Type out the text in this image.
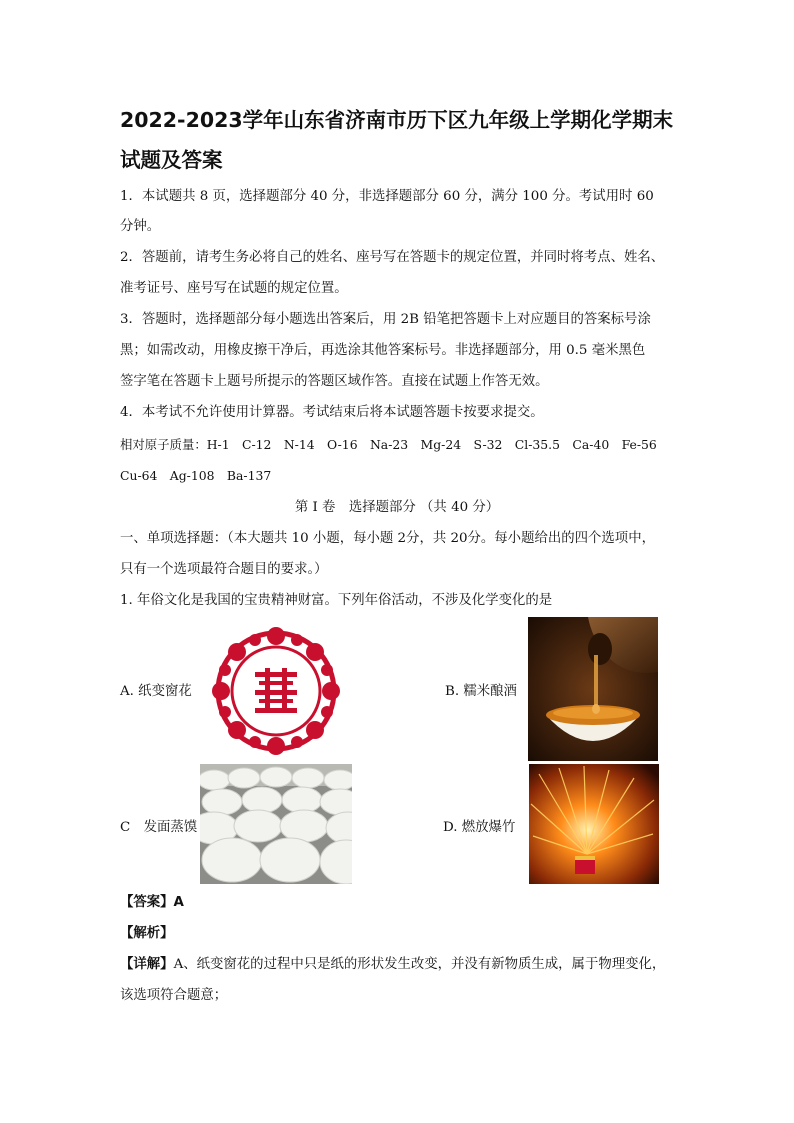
2022-2023学年山东省济南市历下区九年级上学期化学期末
试题及答案
1．本试题共 8 页，选择题部分 40 分，非选择题部分 60 分，满分 100 分。考试用时 60
分钟。
2．答题前，请考生务必将自己的姓名、座号写在答题卡的规定位置，并同时将考点、姓名、
准考证号、座号写在试题的规定位置。
3．答题时，选择题部分每小题选出答案后，用 2B 铅笔把答题卡上对应题目的答案标号涂
黑；如需改动，用橡皮擦干净后，再选涂其他答案标号。非选择题部分，用 0.5 毫米黑色
签字笔在答题卡上题号所提示的答题区域作答。直接在试题上作答无效。
4．本考试不允许使用计算器。考试结束后将本试题答题卡按要求提交。
相对原子质量：H-1　C-12　N-14　O-16　Na-23　Mg-24　S-32　Cl-35.5　Ca-40　Fe-56
Cu-64　Ag-108　Ba-137
第 Ⅰ 卷　选择题部分 （共 40 分）
一、单项选择题：（本大题共 10 小题，每小题 2分，共 20分。每小题给出的四个选项中，
只有一个选项最符合题目的要求。）
1. 年俗文化是我国的宝贵精神财富。下列年俗活动，不涉及化学变化的是
A. 纸变窗花	B. 糯米酿酒
C　发面蒸馍	D. 燃放爆竹
【答案】A
【解析】
【详解】A、纸变窗花的过程中只是纸的形状发生改变，并没有新物质生成，属于物理变化，
该选项符合题意；
